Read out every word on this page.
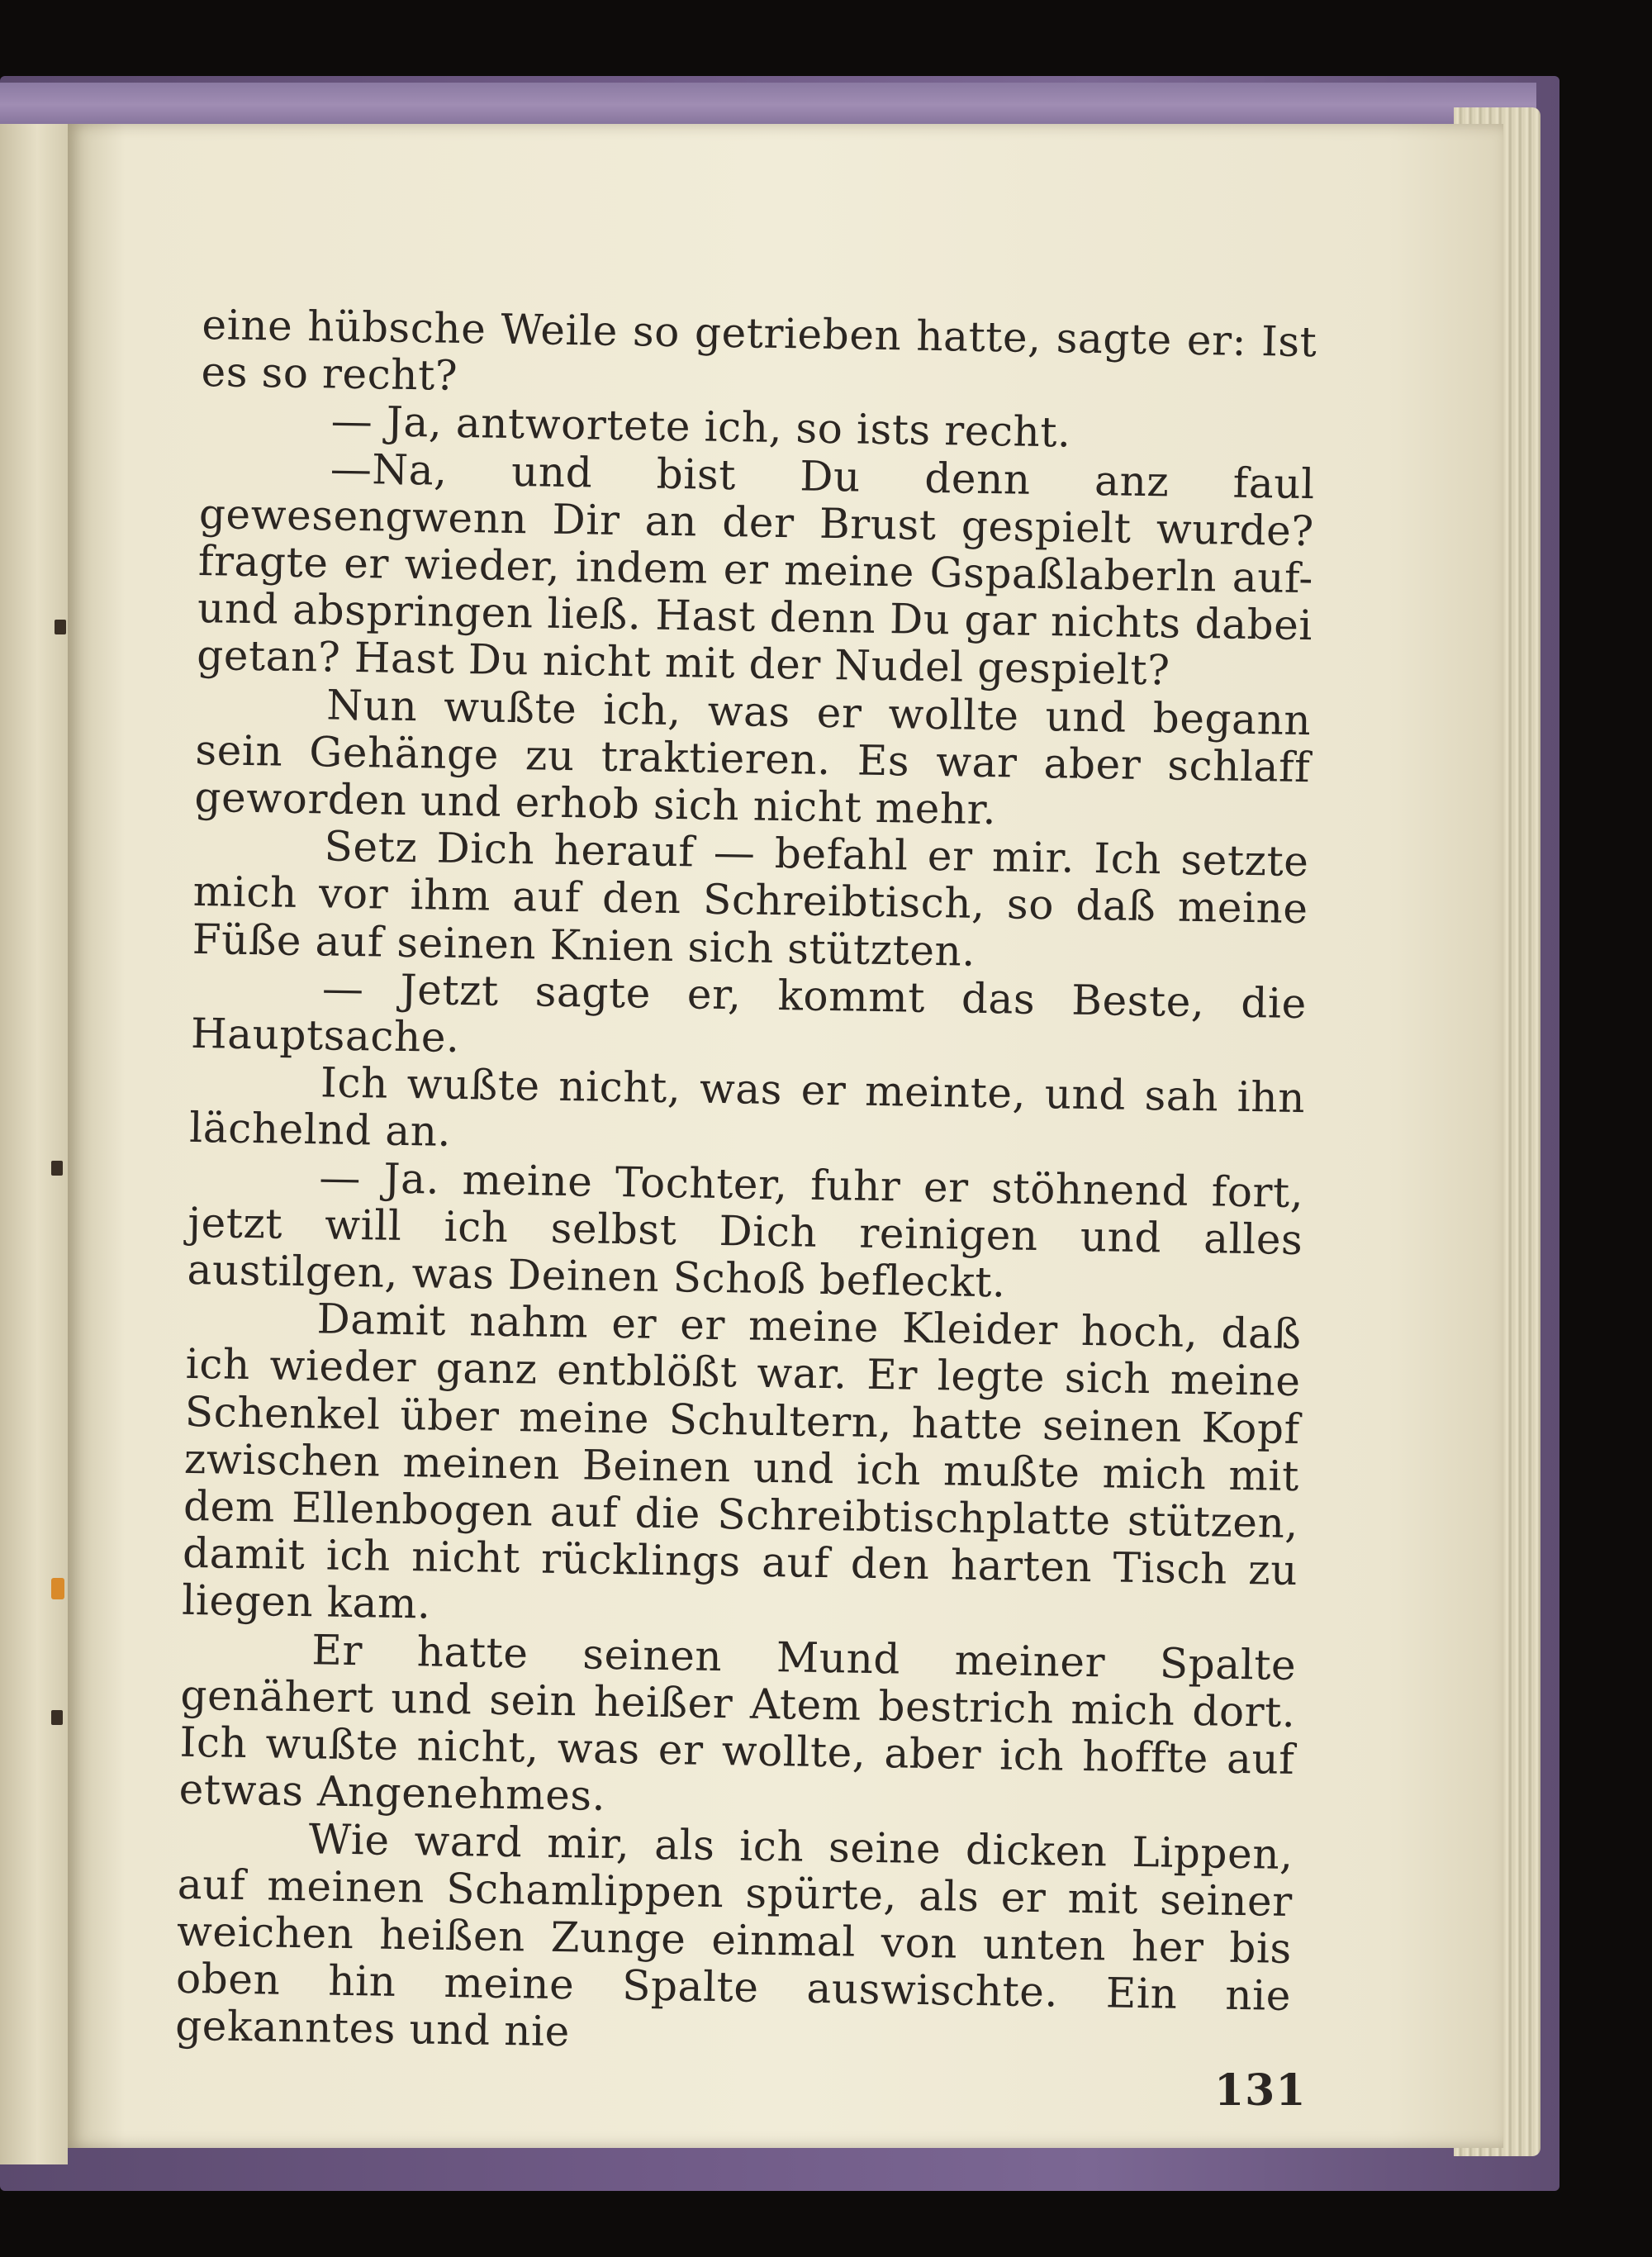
eine hübsche Weile so getrieben hatte, sagte er: Ist es so recht?

— Ja, antwortete ich, so ists recht.

—Na, und bist Du denn anz faul gewesengwenn Dir an der Brust gespielt wurde? fragte er wieder, indem er meine Gspaßlaberln auf- und abspringen ließ. Hast denn Du gar nichts dabei getan? Hast Du nicht mit der Nudel gespielt?

Nun wußte ich, was er wollte und begann sein Gehänge zu traktieren. Es war aber schlaff geworden und erhob sich nicht mehr.

Setz Dich herauf — befahl er mir. Ich setzte mich vor ihm auf den Schreibtisch, so daß meine Füße auf seinen Knien sich stützten.

— Jetzt sagte er, kommt das Beste, die Hauptsache.

Ich wußte nicht, was er meinte, und sah ihn lächelnd an.

— Ja. meine Tochter, fuhr er stöhnend fort, jetzt will ich selbst Dich reinigen und alles austilgen, was Deinen Schoß befleckt.

Damit nahm er er meine Kleider hoch, daß ich wieder ganz entblößt war. Er legte sich meine Schenkel über meine Schultern, hatte seinen Kopf zwischen meinen Beinen und ich mußte mich mit dem Ellenbogen auf die Schreibtischplatte stützen, damit ich nicht rücklings auf den harten Tisch zu liegen kam.

Er hatte seinen Mund meiner Spalte genähert und sein heißer Atem bestrich mich dort. Ich wußte nicht, was er wollte, aber ich hoffte auf etwas Angenehmes.

Wie ward mir, als ich seine dicken Lippen, auf meinen Schamlippen spürte, als er mit seiner weichen heißen Zunge einmal von unten her bis oben hin meine Spalte auswischte. Ein nie gekanntes und nie

131
